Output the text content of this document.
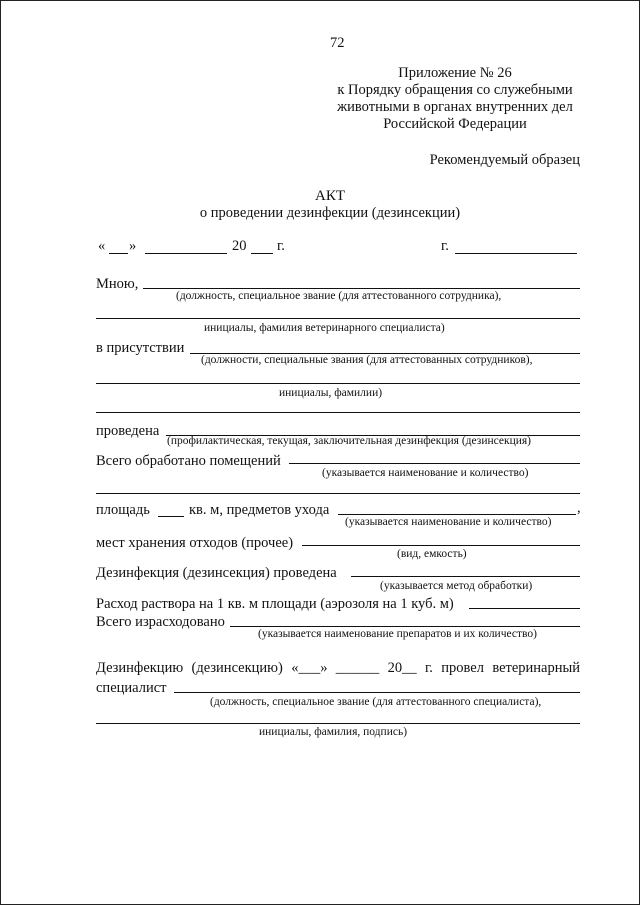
72
Приложение № 26
к Порядку обращения со служебными
животными в органах внутренних дел
Российской Федерации
Рекомендуемый образец
АКТ
о проведении дезинфекции (дезинсекции)
« »	20 г.	г.
Мною,
(должность, специальное звание (для аттестованного сотрудника),
инициалы, фамилия ветеринарного специалиста)
в присутствии
(должности, специальные звания (для аттестованных сотрудников),
инициалы, фамилии)
проведена
(профилактическая, текущая, заключительная дезинфекция (дезинсекция)
Всего обработано помещений
(указывается наименование и количество)
площадь	кв. м, предметов ухода	,
(указывается наименование и количество)
мест хранения отходов (прочее)
(вид, емкость)
Дезинфекция (дезинсекция) проведена
(указывается метод обработки)
Расход раствора на 1 кв. м площади (аэрозоля на 1 куб. м)
Всего израсходовано
(указывается наименование препаратов и их количество)
Дезинфекцию (дезинсекцию) «___» ______ 20__ г. провел ветеринарный
специалист
(должность, специальное звание (для аттестованного специалиста),
инициалы, фамилия, подпись)
